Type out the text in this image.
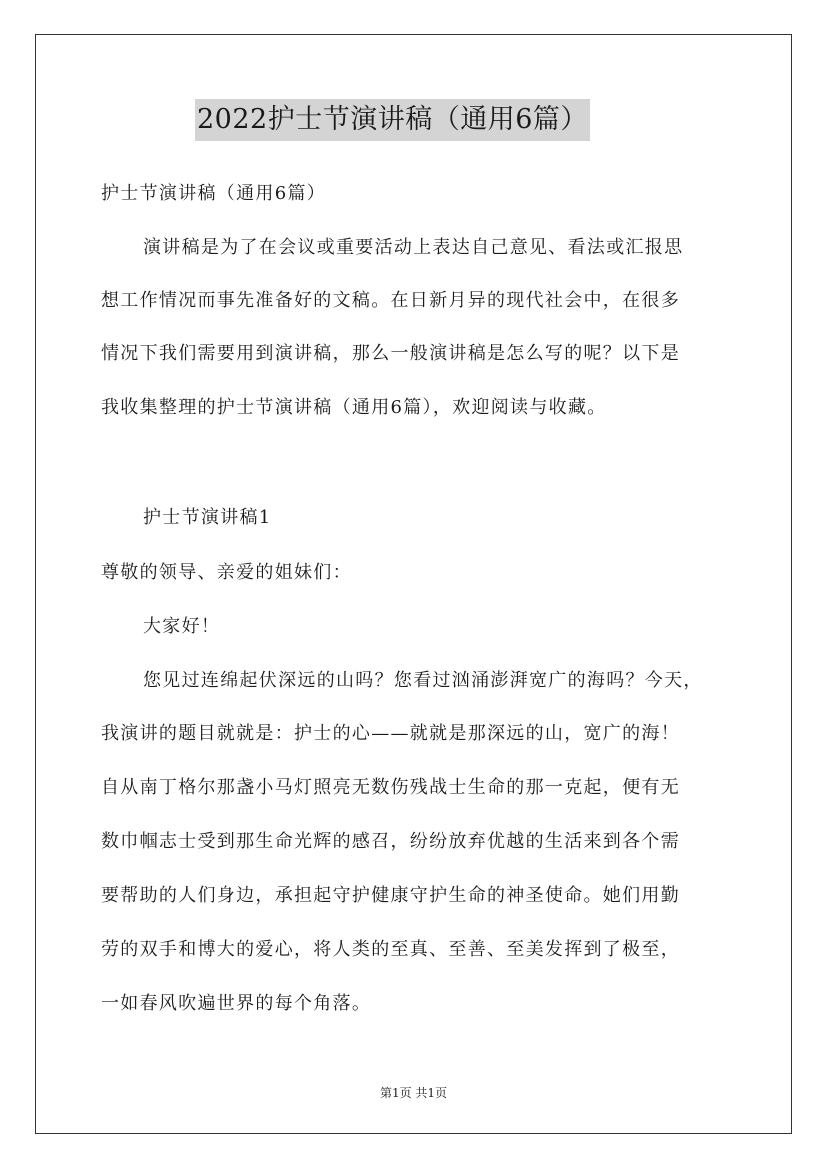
2022护士节演讲稿（通用6篇）
护士节演讲稿（通用6篇）
演讲稿是为了在会议或重要活动上表达自己意见、看法或汇报思
想工作情况而事先准备好的文稿。在日新月异的现代社会中，在很多
情况下我们需要用到演讲稿，那么一般演讲稿是怎么写的呢？以下是
我收集整理的护士节演讲稿（通用6篇），欢迎阅读与收藏。
护士节演讲稿1
尊敬的领导、亲爱的姐妹们：
大家好！
您见过连绵起伏深远的山吗？您看过汹涌澎湃宽广的海吗？今天，
我演讲的题目就就是：护士的心——就就是那深远的山，宽广的海！
自从南丁格尔那盏小马灯照亮无数伤残战士生命的那一克起，便有无
数巾帼志士受到那生命光辉的感召，纷纷放弃优越的生活来到各个需
要帮助的人们身边，承担起守护健康守护生命的神圣使命。她们用勤
劳的双手和博大的爱心，将人类的至真、至善、至美发挥到了极至，
一如春风吹遍世界的每个角落。
第1页 共1页
